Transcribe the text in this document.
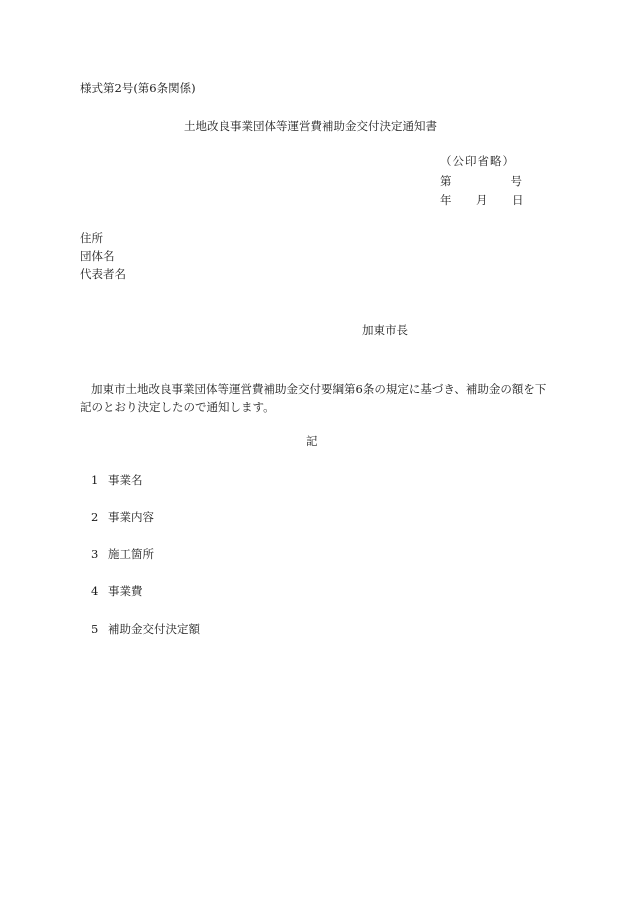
様式第2号(第6条関係)
土地改良事業団体等運営費補助金交付決定通知書
（公印省略）
第	号
年 月 日
住所
団体名
代表者名
加東市長

加東市土地改良事業団体等運営費補助金交付要綱第6条の規定に基づき、補助金の額を下記のとおり決定したので通知します。

記
1 事業名
2 事業内容
3 施工箇所
4 事業費
5 補助金交付決定額
